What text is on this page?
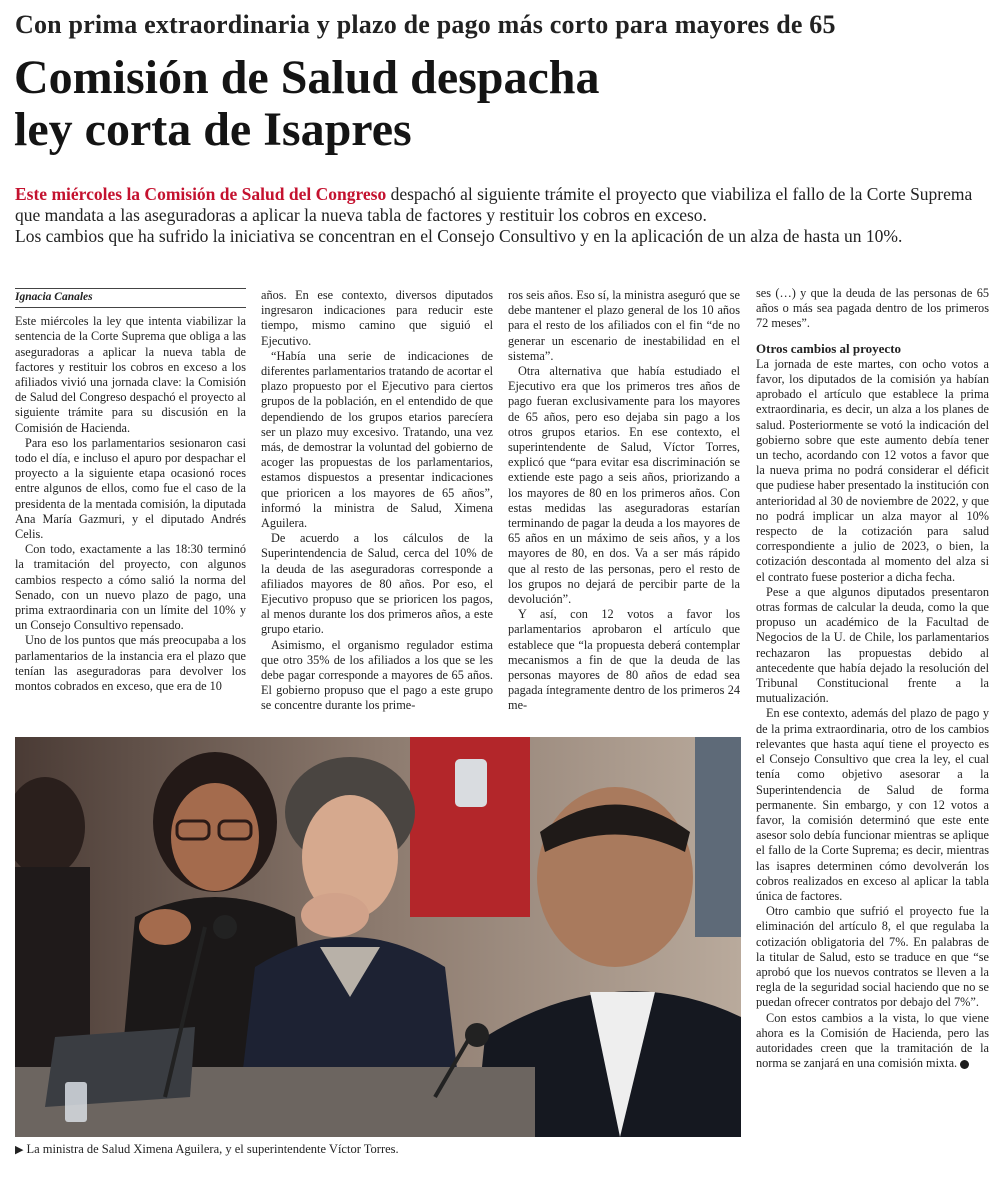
Con prima extraordinaria y plazo de pago más corto para mayores de 65
Comisión de Salud despacha
ley corta de Isapres
Este miércoles la Comisión de Salud del Congreso despachó al siguiente trámite el proyecto que viabiliza el fallo de la Corte Suprema que mandata a las aseguradoras a aplicar la nueva tabla de factores y restituir los cobros en exceso.
Los cambios que ha sufrido la iniciativa se concentran en el Consejo Consultivo y en la aplicación de un alza de hasta un 10%.
Ignacia Canales

Este miércoles la ley que intenta viabilizar la sentencia de la Corte Suprema que obliga a las aseguradoras a aplicar la nueva tabla de factores y restituir los cobros en exceso a los afiliados vivió una jornada clave: la Comisión de Salud del Congreso despachó el proyecto al siguiente trámite para su discusión en la Comisión de Hacienda.

Para eso los parlamentarios sesionaron casi todo el día, e incluso el apuro por despachar el proyecto a la siguiente etapa ocasionó roces entre algunos de ellos, como fue el caso de la presidenta de la mentada comisión, la diputada Ana María Gazmuri, y el diputado Andrés Celis.

Con todo, exactamente a las 18:30 terminó la tramitación del proyecto, con algunos cambios respecto a cómo salió la norma del Senado, con un nuevo plazo de pago, una prima extraordinaria con un límite del 10% y un Consejo Consultivo repensado.

Uno de los puntos que más preocupaba a los parlamentarios de la instancia era el plazo que tenían las aseguradoras para devolver los montos cobrados en exceso, que era de 10

años. En ese contexto, diversos diputados ingresaron indicaciones para reducir este tiempo, mismo camino que siguió el Ejecutivo.

“Había una serie de indicaciones de diferentes parlamentarios tratando de acortar el plazo propuesto por el Ejecutivo para ciertos grupos de la población, en el entendido de que dependiendo de los grupos etarios parecíera ser un plazo muy excesivo. Tratando, una vez más, de demostrar la voluntad del gobierno de acoger las propuestas de los parlamentarios, estamos dispuestos a presentar indicaciones que prioricen a los mayores de 65 años”, informó la ministra de Salud, Ximena Aguilera.

De acuerdo a los cálculos de la Superintendencia de Salud, cerca del 10% de la deuda de las aseguradoras corresponde a afiliados mayores de 80 años. Por eso, el Ejecutivo propuso que se prioricen los pagos, al menos durante los dos primeros años, a este grupo etario.

Asimismo, el organismo regulador estima que otro 35% de los afiliados a los que se les debe pagar corresponde a mayores de 65 años. El gobierno propuso que el pago a este grupo se concentre durante los prime-

ros seis años. Eso sí, la ministra aseguró que se debe mantener el plazo general de los 10 años para el resto de los afiliados con el fin “de no generar un escenario de inestabilidad en el sistema”.

Otra alternativa que había estudiado el Ejecutivo era que los primeros tres años de pago fueran exclusivamente para los mayores de 65 años, pero eso dejaba sin pago a los otros grupos etarios. En ese contexto, el superintendente de Salud, Víctor Torres, explicó que “para evitar esa discriminación se extiende este pago a seis años, priorizando a los mayores de 80 en los primeros años. Con estas medidas las aseguradoras estarían terminando de pagar la deuda a los mayores de 65 años en un máximo de seis años, y a los mayores de 80, en dos. Va a ser más rápido que al resto de las personas, pero el resto de los grupos no dejará de percibir parte de la devolución”.

Y así, con 12 votos a favor los parlamentarios aprobaron el artículo que establece que “la propuesta deberá contemplar mecanismos a fin de que la deuda de las personas mayores de 80 años de edad sea pagada íntegramente dentro de los primeros 24 me-

ses (…) y que la deuda de las personas de 65 años o más sea pagada dentro de los primeros 72 meses”.

Otros cambios al proyecto

La jornada de este martes, con ocho votos a favor, los diputados de la comisión ya habían aprobado el artículo que establece la prima extraordinaria, es decir, un alza a los planes de salud. Posteriormente se votó la indicación del gobierno sobre que este aumento debía tener un techo, acordando con 12 votos a favor que la nueva prima no podrá considerar el déficit que pudiese haber presentado la institución con anterioridad al 30 de noviembre de 2022, y que no podrá implicar un alza mayor al 10% respecto de la cotización para salud correspondiente a julio de 2023, o bien, la cotización descontada al momento del alza si el contrato fuese posterior a dicha fecha.

Pese a que algunos diputados presentaron otras formas de calcular la deuda, como la que propuso un académico de la Facultad de Negocios de la U. de Chile, los parlamentarios rechazaron las propuestas debido al antecedente que había dejado la resolución del Tribunal Constitucional frente a la mutualización.

En ese contexto, además del plazo de pago y de la prima extraordinaria, otro de los cambios relevantes que hasta aquí tiene el proyecto es el Consejo Consultivo que crea la ley, el cual tenía como objetivo asesorar a la Superintendencia de Salud de forma permanente. Sin embargo, y con 12 votos a favor, la comisión determinó que este ente asesor solo debía funcionar mientras se aplique el fallo de la Corte Suprema; es decir, mientras las isapres determinen cómo devolverán los cobros realizados en exceso al aplicar la tabla única de factores.

Otro cambio que sufrió el proyecto fue la eliminación del artículo 8, el que regulaba la cotización obligatoria del 7%. En palabras de la titular de Salud, esto se traduce en que “se aprobó que los nuevos contratos se lleven a la regla de la seguridad social haciendo que no se puedan ofrecer contratos por debajo del 7%”.

Con estos cambios a la vista, lo que viene ahora es la Comisión de Hacienda, pero las autoridades creen que la tramitación de la norma se zanjará en una comisión mixta.

▶ La ministra de Salud Ximena Aguilera, y el superintendente Víctor Torres.
